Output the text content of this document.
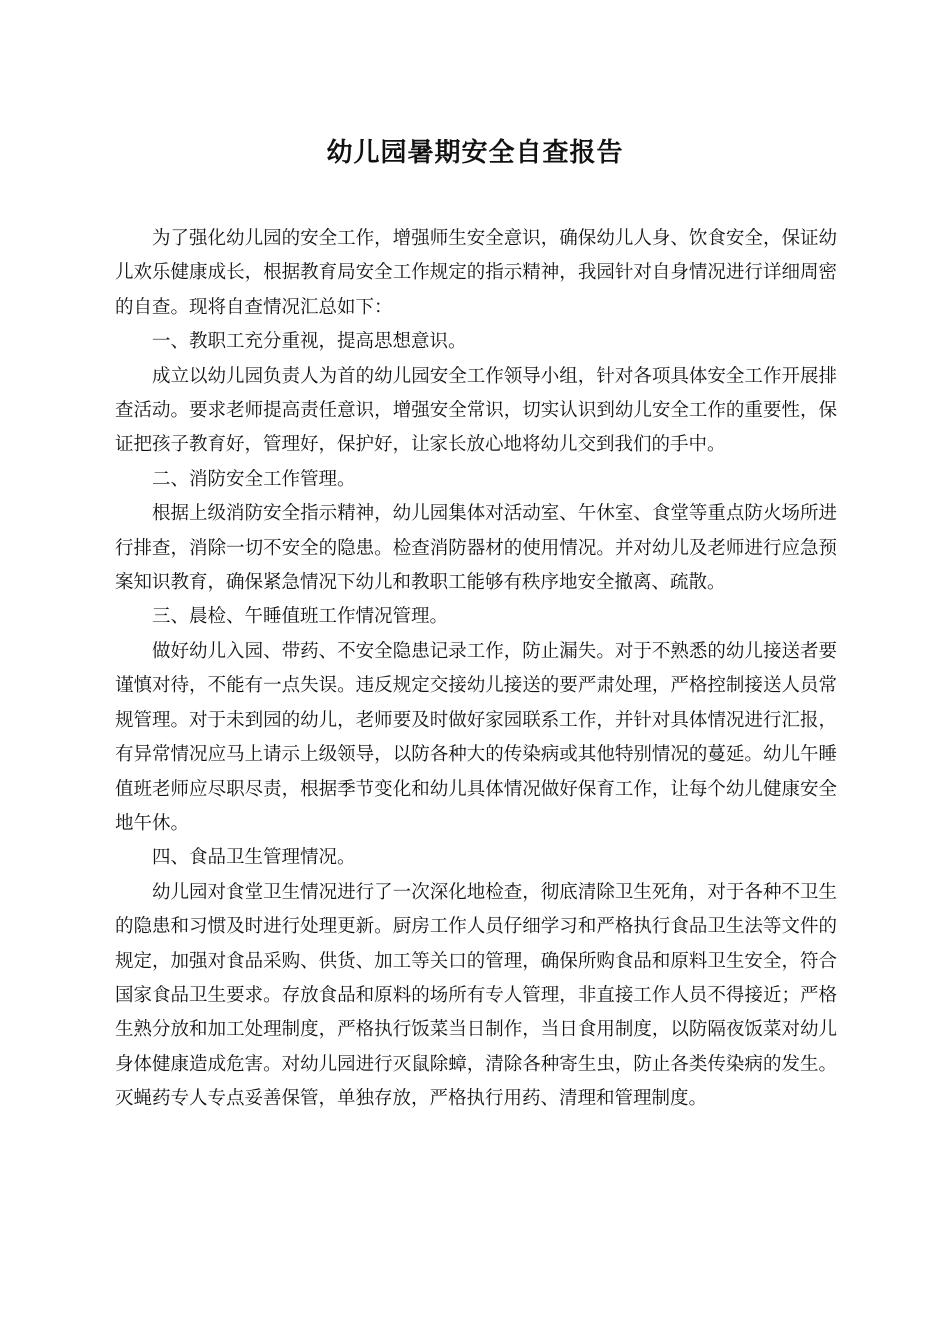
幼儿园暑期安全自查报告

为了强化幼儿园的安全工作，增强师生安全意识，确保幼儿人身、饮食安全，保证幼儿欢乐健康成长，根据教育局安全工作规定的指示精神，我园针对自身情况进行详细周密的自查。现将自查情况汇总如下：

一、教职工充分重视，提高思想意识。

成立以幼儿园负责人为首的幼儿园安全工作领导小组，针对各项具体安全工作开展排查活动。要求老师提高责任意识，增强安全常识，切实认识到幼儿安全工作的重要性，保证把孩子教育好，管理好，保护好，让家长放心地将幼儿交到我们的手中。

二、消防安全工作管理。

根据上级消防安全指示精神，幼儿园集体对活动室、午休室、食堂等重点防火场所进行排查，消除一切不安全的隐患。检查消防器材的使用情况。并对幼儿及老师进行应急预案知识教育，确保紧急情况下幼儿和教职工能够有秩序地安全撤离、疏散。

三、晨检、午睡值班工作情况管理。

做好幼儿入园、带药、不安全隐患记录工作，防止漏失。对于不熟悉的幼儿接送者要谨慎对待，不能有一点失误。违反规定交接幼儿接送的要严肃处理，严格控制接送人员常规管理。对于未到园的幼儿，老师要及时做好家园联系工作，并针对具体情况进行汇报，有异常情况应马上请示上级领导，以防各种大的传染病或其他特别情况的蔓延。幼儿午睡值班老师应尽职尽责，根据季节变化和幼儿具体情况做好保育工作，让每个幼儿健康安全地午休。

四、食品卫生管理情况。

幼儿园对食堂卫生情况进行了一次深化地检查，彻底清除卫生死角，对于各种不卫生的隐患和习惯及时进行处理更新。厨房工作人员仔细学习和严格执行食品卫生法等文件的规定，加强对食品采购、供货、加工等关口的管理，确保所购食品和原料卫生安全，符合国家食品卫生要求。存放食品和原料的场所有专人管理，非直接工作人员不得接近；严格生熟分放和加工处理制度，严格执行饭菜当日制作，当日食用制度，以防隔夜饭菜对幼儿身体健康造成危害。对幼儿园进行灭鼠除蟑，清除各种寄生虫，防止各类传染病的发生。灭蝇药专人专点妥善保管，单独存放，严格执行用药、清理和管理制度。
